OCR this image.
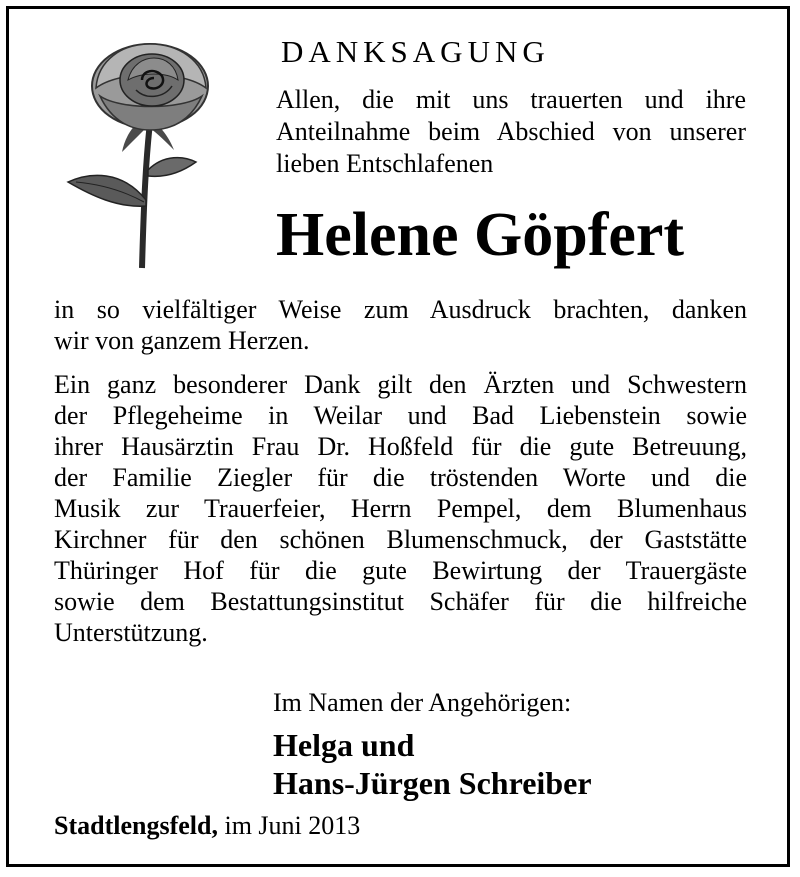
DANKSAGUNG
Allen, die mit uns trauerten und ihre
Anteilnahme beim Abschied von unserer
lieben Entschlafenen
Helene Göpfert
in so vielfältiger Weise zum Ausdruck brachten, danken
wir von ganzem Herzen.
Ein ganz besonderer Dank gilt den Ärzten und Schwestern
der Pflegeheime in Weilar und Bad Liebenstein sowie
ihrer Hausärztin Frau Dr. Hoßfeld für die gute Betreuung,
der Familie Ziegler für die tröstenden Worte und die
Musik zur Trauerfeier, Herrn Pempel, dem Blumenhaus
Kirchner für den schönen Blumenschmuck, der Gaststätte
Thüringer Hof für die gute Bewirtung der Trauergäste
sowie dem Bestattungsinstitut Schäfer für die hilfreiche
Unterstützung.
Im Namen der Angehörigen:
Helga und
Hans-Jürgen Schreiber
Stadtlengsfeld, im Juni 2013
